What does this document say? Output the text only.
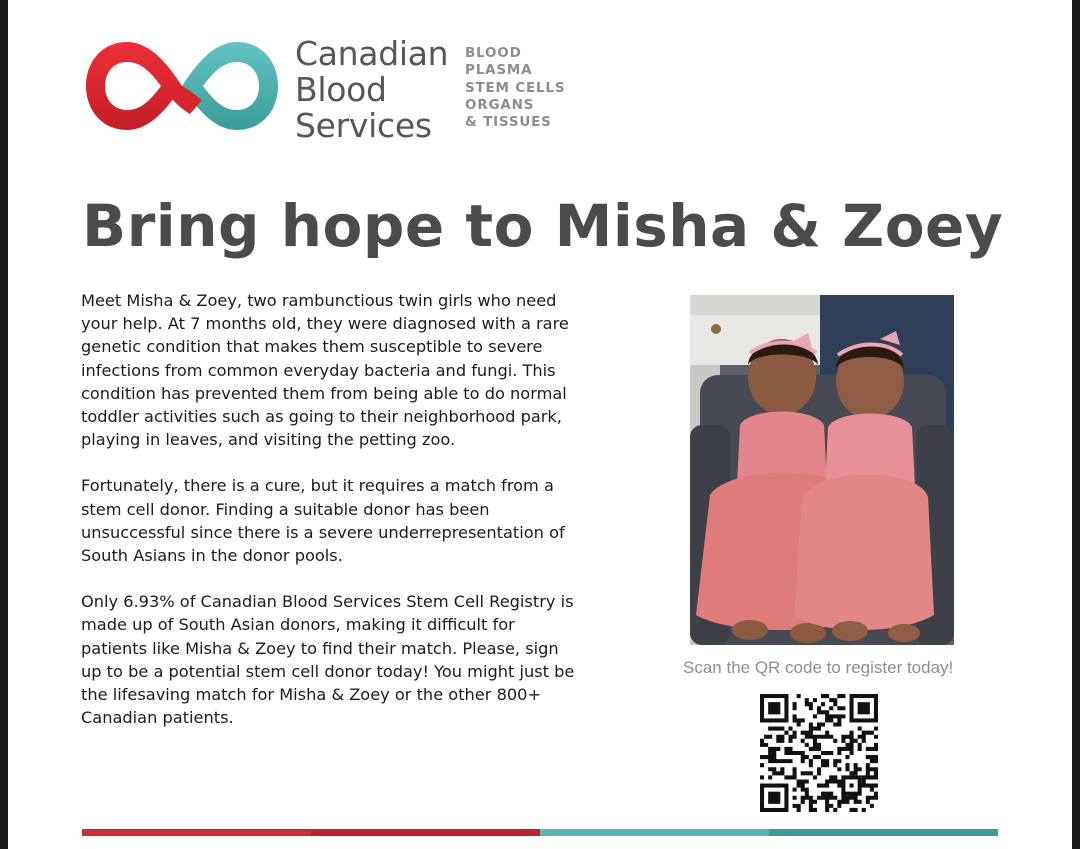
Canadian
Blood
Services
BLOOD
PLASMA
STEM CELLS
ORGANS
& TISSUES
Bring hope to Misha & Zoey

Meet Misha & Zoey, two rambunctious twin girls who need your help. At 7 months old, they were diagnosed with a rare genetic condition that makes them susceptible to severe infections from common everyday bacteria and fungi. This condition has prevented them from being able to do normal toddler activities such as going to their neighborhood park, playing in leaves, and visiting the petting zoo.

Fortunately, there is a cure, but it requires a match from a stem cell donor. Finding a suitable donor has been unsuccessful since there is a severe underrepresentation of South Asians in the donor pools.

Only 6.93% of Canadian Blood Services Stem Cell Registry is made up of South Asian donors, making it difficult for patients like Misha & Zoey to find their match. Please, sign up to be a potential stem cell donor today! You might just be the lifesaving match for Misha & Zoey or the other 800+ Canadian patients.

Scan the QR code to register today!
